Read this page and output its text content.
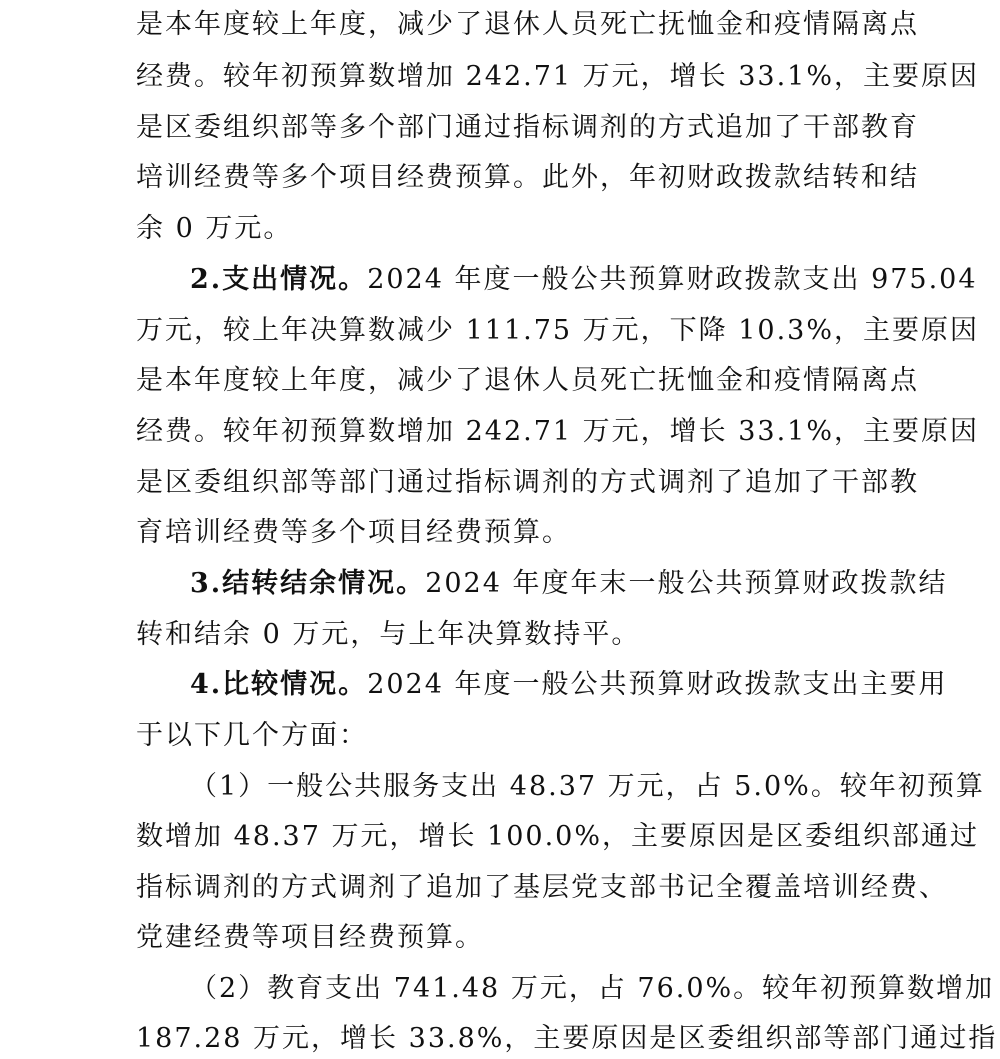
是本年度较上年度，减少了退休人员死亡抚恤金和疫情隔离点
经费。较年初预算数增加 242.71 万元，增长 33.1%，主要原因
是区委组织部等多个部门通过指标调剂的方式追加了干部教育
培训经费等多个项目经费预算。此外，年初财政拨款结转和结
余 0 万元。
2.支出情况。2024 年度一般公共预算财政拨款支出 975.04
万元，较上年决算数减少 111.75 万元，下降 10.3%，主要原因
是本年度较上年度，减少了退休人员死亡抚恤金和疫情隔离点
经费。较年初预算数增加 242.71 万元，增长 33.1%，主要原因
是区委组织部等部门通过指标调剂的方式调剂了追加了干部教
育培训经费等多个项目经费预算。
3.结转结余情况。2024 年度年末一般公共预算财政拨款结
转和结余 0 万元，与上年决算数持平。
4.比较情况。2024 年度一般公共预算财政拨款支出主要用
于以下几个方面：
（1）一般公共服务支出 48.37 万元，占 5.0%。较年初预算
数增加 48.37 万元，增长 100.0%，主要原因是区委组织部通过
指标调剂的方式调剂了追加了基层党支部书记全覆盖培训经费、
党建经费等项目经费预算。
（2）教育支出 741.48 万元，占 76.0%。较年初预算数增加
187.28 万元，增长 33.8%，主要原因是区委组织部等部门通过指
